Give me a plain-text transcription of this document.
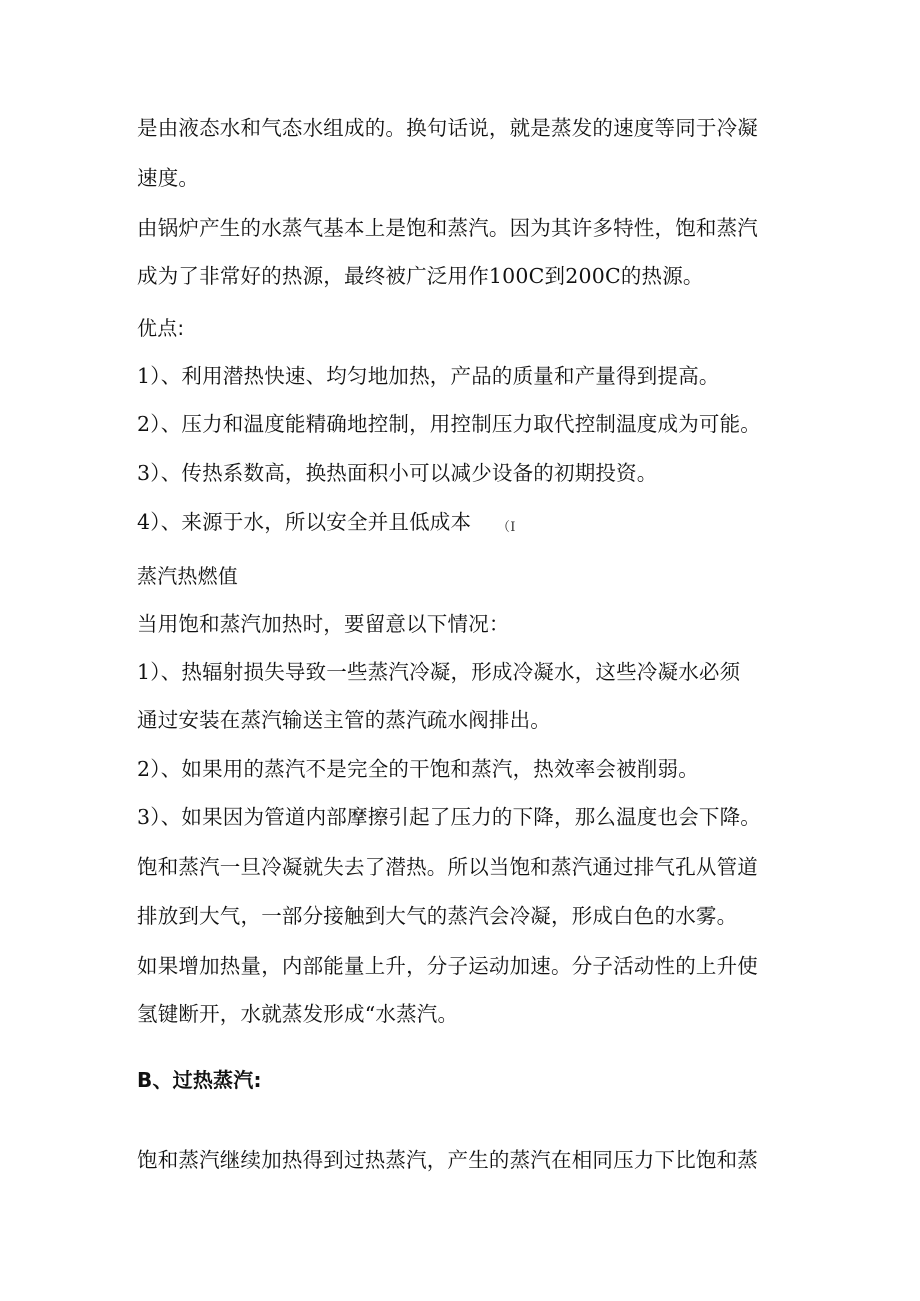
是由液态水和气态水组成的。换句话说，就是蒸发的速度等同于冷凝
速度。
由锅炉产生的水蒸气基本上是饱和蒸汽。因为其许多特性，饱和蒸汽
成为了非常好的热源，最终被广泛用作100C到200C的热源。
优点:
1）、利用潜热快速、均匀地加热，产品的质量和产量得到提高。
2）、压力和温度能精确地控制，用控制压力取代控制温度成为可能。
3）、传热系数高，换热面积小可以减少设备的初期投资。
4）、来源于水，所以安全并且低成本 （I
蒸汽热燃值
当用饱和蒸汽加热时，要留意以下情况：
1）、热辐射损失导致一些蒸汽冷凝，形成冷凝水，这些冷凝水必须
通过安装在蒸汽输送主管的蒸汽疏水阀排出。
2）、如果用的蒸汽不是完全的干饱和蒸汽，热效率会被削弱。
3）、如果因为管道内部摩擦引起了压力的下降，那么温度也会下降。
饱和蒸汽一旦冷凝就失去了潜热。所以当饱和蒸汽通过排气孔从管道
排放到大气，一部分接触到大气的蒸汽会冷凝，形成白色的水雾。
如果增加热量，内部能量上升，分子运动加速。分子活动性的上升使
氢键断开，水就蒸发形成“水蒸汽。
B、过热蒸汽:
饱和蒸汽继续加热得到过热蒸汽，产生的蒸汽在相同压力下比饱和蒸
